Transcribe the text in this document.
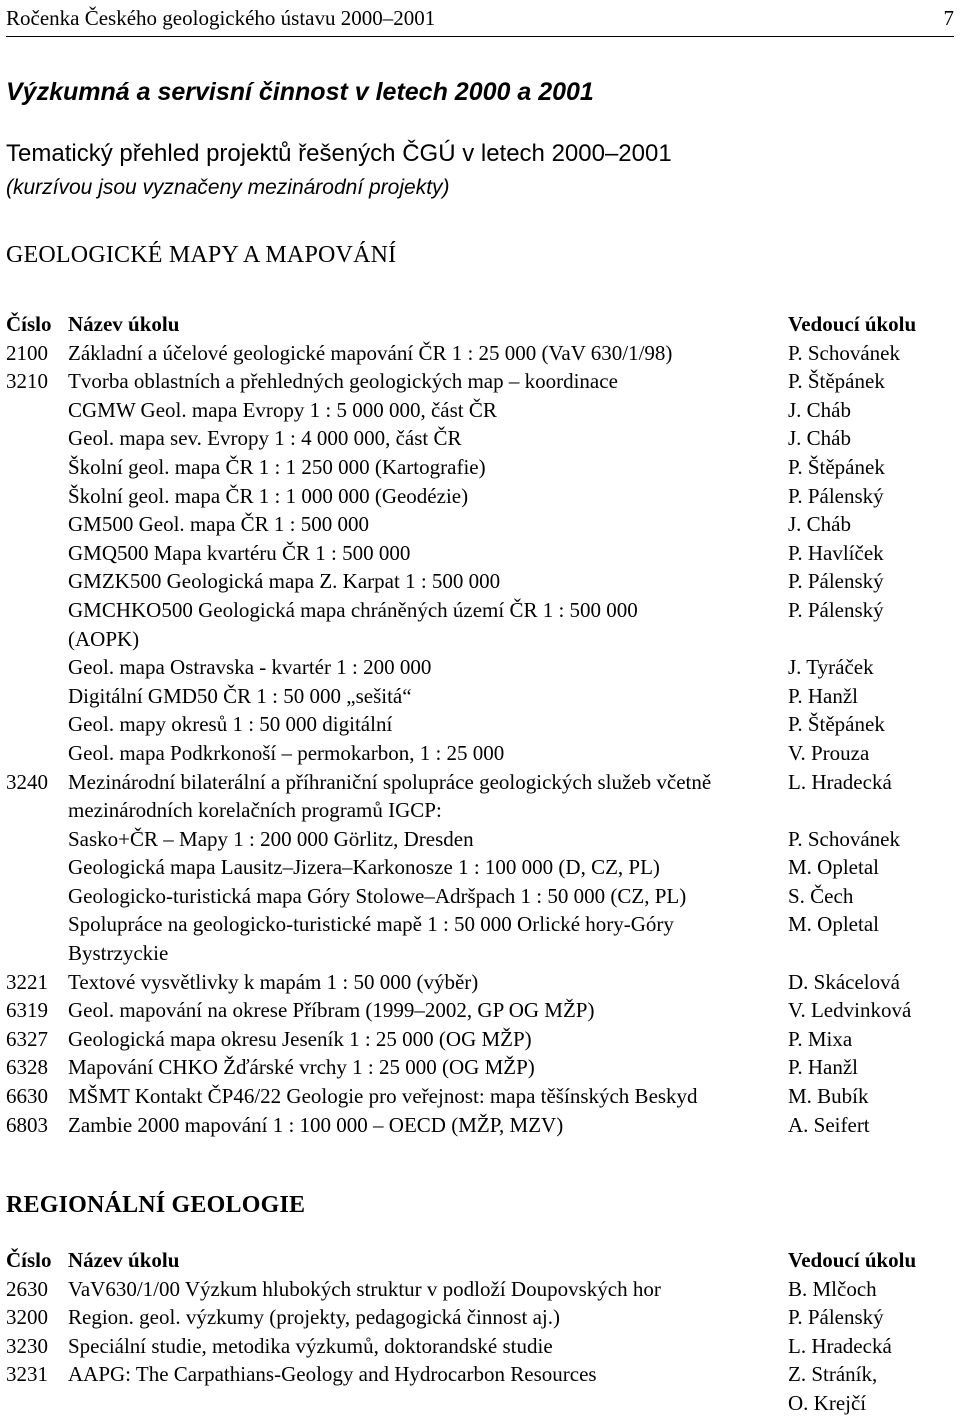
Ročenka Českého geologického ústavu 2000–2001	7
Výzkumná a servisní činnost v letech 2000 a 2001
Tematický přehled projektů řešených ČGÚ v letech 2000–2001
(kurzívou jsou vyznačeny mezinárodní projekty)
GEOLOGICKÉ MAPY A MAPOVÁNÍ
Číslo Název úkolu	Vedoucí úkolu
2100 Základní a účelové geologické mapování ČR 1 : 25 000 (VaV 630/1/98)	P. Schovánek
3210 Tvorba oblastních a přehledných geologických map – koordinace	P. Štěpánek
CGMW Geol. mapa Evropy 1 : 5 000 000, část ČR	J. Cháb
Geol. mapa sev. Evropy 1 : 4 000 000, část ČR	J. Cháb
Školní geol. mapa ČR 1 : 1 250 000 (Kartografie)	P. Štěpánek
Školní geol. mapa ČR 1 : 1 000 000 (Geodézie)	P. Pálenský
GM500 Geol. mapa ČR 1 : 500 000	J. Cháb
GMQ500 Mapa kvartéru ČR 1 : 500 000	P. Havlíček
GMZK500 Geologická mapa Z. Karpat 1 : 500 000	P. Pálenský
GMCHKO500 Geologická mapa chráněných území ČR 1 : 500 000	P. Pálenský
(AOPK)
Geol. mapa Ostravska - kvartér 1 : 200 000	J. Tyráček
Digitální GMD50 ČR 1 : 50 000 „sešitá“	P. Hanžl
Geol. mapy okresů 1 : 50 000 digitální	P. Štěpánek
Geol. mapa Podkrkonoší – permokarbon, 1 : 25 000	V. Prouza
3240 Mezinárodní bilaterální a příhraniční spolupráce geologických služeb včetně	L. Hradecká
mezinárodních korelačních programů IGCP:
Sasko+ČR – Mapy 1 : 200 000 Görlitz, Dresden	P. Schovánek
Geologická mapa Lausitz–Jizera–Karkonosze 1 : 100 000 (D, CZ, PL)	M. Opletal
Geologicko-turistická mapa Góry Stolowe–Adršpach 1 : 50 000 (CZ, PL)	S. Čech
Spolupráce na geologicko-turistické mapě 1 : 50 000 Orlické hory-Góry	M. Opletal
Bystrzyckie
3221 Textové vysvětlivky k mapám 1 : 50 000 (výběr)	D. Skácelová
6319 Geol. mapování na okrese Příbram (1999–2002, GP OG MŽP)	V. Ledvinková
6327 Geologická mapa okresu Jeseník 1 : 25 000 (OG MŽP)	P. Mixa
6328 Mapování CHKO Žďárské vrchy 1 : 25 000 (OG MŽP)	P. Hanžl
6630 MŠMT Kontakt ČP46/22 Geologie pro veřejnost: mapa těšínských Beskyd	M. Bubík
6803 Zambie 2000 mapování 1 : 100 000 – OECD (MŽP, MZV)	A. Seifert
REGIONÁLNÍ GEOLOGIE
Číslo Název úkolu	Vedoucí úkolu
2630 VaV630/1/00 Výzkum hlubokých struktur v podloží Doupovských hor	B. Mlčoch
3200 Region. geol. výzkumy (projekty, pedagogická činnost aj.)	P. Pálenský
3230 Speciální studie, metodika výzkumů, doktorandské studie	L. Hradecká
3231 AAPG: The Carpathians-Geology and Hydrocarbon Resources	Z. Stráník,
O. Krejčí
